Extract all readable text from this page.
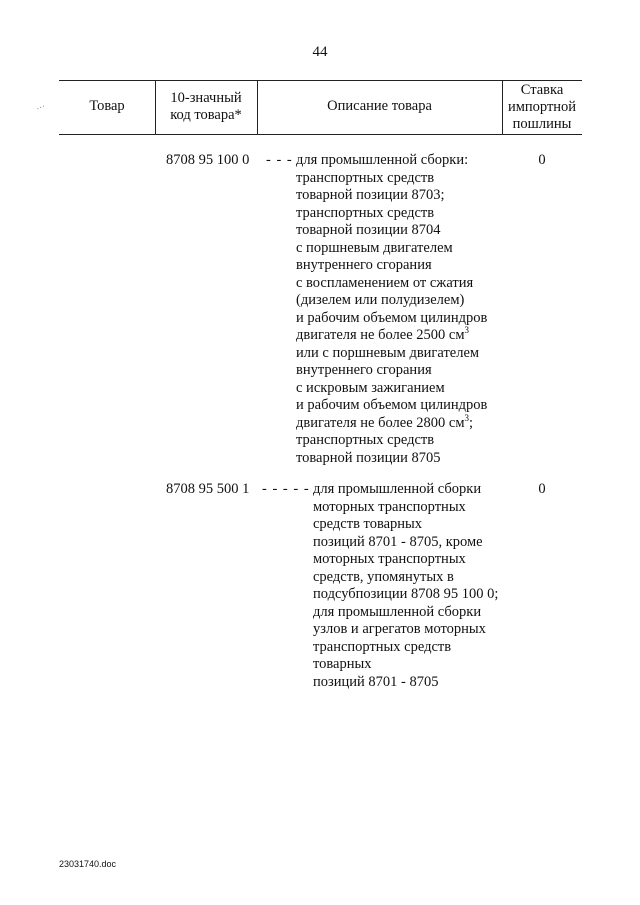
44
…	Товар	10-значный
код товара*
Описание товара
Ставка
импортной
пошлины
8708 95 100 0 - - - для промышленной сборки:
транспортных средств
товарной позиции 8703;
транспортных средств
товарной позиции 8704
с поршневым двигателем
внутреннего сгорания
с воспламенением от сжатия
(дизелем или полудизелем)
и рабочим объемом цилиндров
двигателя не более 2500 $см^3$
или с поршневым двигателем
внутреннего сгорания
с искровым зажиганием
и рабочим объемом цилиндров
двигателя не более 2800 $см^3$;
транспортных средств
товарной позиции 8705
0
8708 95 500 1 - - - - - для промышленной сборки
моторных транспортных
средств товарных
позиций 8701 - 8705, кроме
моторных транспортных
средств, упомянутых в
подсубпозиции 8708 95 100 0;
для промышленной сборки
узлов и агрегатов моторных
транспортных средств
товарных
позиций 8701 - 8705
0
23031740.doc
